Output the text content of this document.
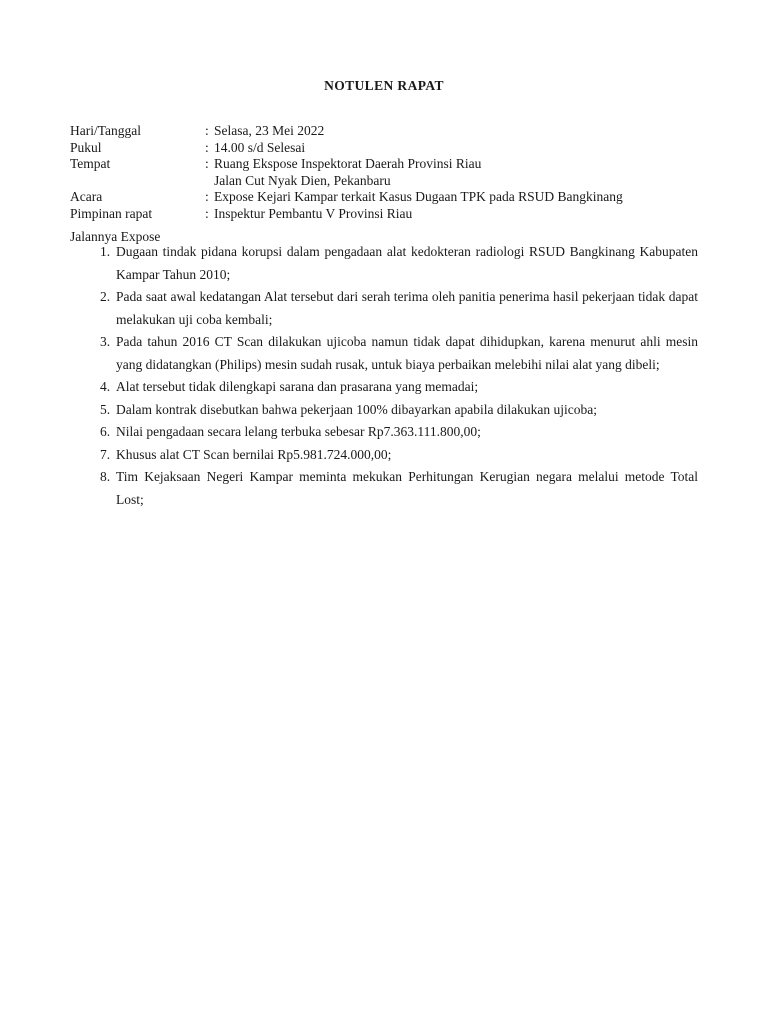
NOTULEN RAPAT
Hari/Tanggal	: Selasa, 23 Mei 2022
Pukul	: 14.00 s/d Selesai
Tempat	: Ruang Ekspose Inspektorat Daerah Provinsi Riau
Jalan Cut Nyak Dien, Pekanbaru
Acara	: Expose Kejari Kampar terkait Kasus Dugaan TPK pada RSUD Bangkinang
Pimpinan rapat	: Inspektur Pembantu V Provinsi Riau
Jalannya Expose
1. Dugaan tindak pidana korupsi dalam pengadaan alat kedokteran radiologi RSUD Bangkinang Kabupaten Kampar Tahun 2010;
2. Pada saat awal kedatangan Alat tersebut dari serah terima oleh panitia penerima hasil pekerjaan tidak dapat melakukan uji coba kembali;
3. Pada tahun 2016 CT Scan dilakukan ujicoba namun tidak dapat dihidupkan, karena menurut ahli mesin yang didatangkan (Philips) mesin sudah rusak, untuk biaya perbaikan melebihi nilai alat yang dibeli;
4. Alat tersebut tidak dilengkapi sarana dan prasarana yang memadai;
5. Dalam kontrak disebutkan bahwa pekerjaan 100% dibayarkan apabila dilakukan ujicoba;
6. Nilai pengadaan secara lelang terbuka sebesar Rp7.363.111.800,00;
7. Khusus alat CT Scan bernilai Rp5.981.724.000,00;
8. Tim Kejaksaan Negeri Kampar meminta mekukan Perhitungan Kerugian negara melalui metode Total Lost;
